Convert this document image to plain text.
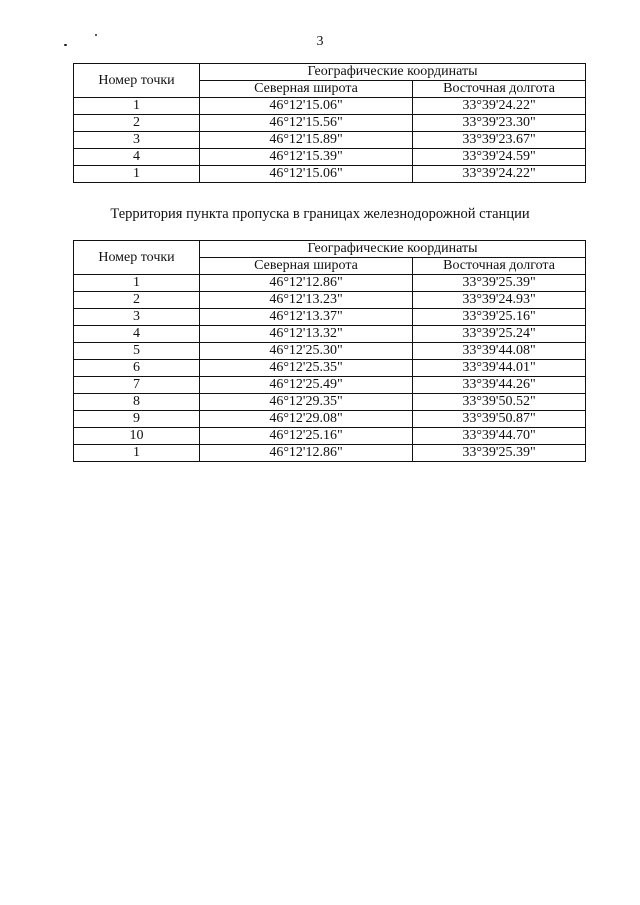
3
Номер точки	Географические координаты	
	Северная широта	Восточная долгота
1	46°12'15.06"	33°39'24.22"
2	46°12'15.56"	33°39'23.30"
3	46°12'15.89"	33°39'23.67"
4	46°12'15.39"	33°39'24.59"
1	46°12'15.06"	33°39'24.22"
Территория пункта пропуска в границах железнодорожной станции
Номер точки	Географические координаты	
	Северная широта	Восточная долгота
1	46°12'12.86"	33°39'25.39"
2	46°12'13.23"	33°39'24.93"
3	46°12'13.37"	33°39'25.16"
4	46°12'13.32"	33°39'25.24"
5	46°12'25.30"	33°39'44.08"
6	46°12'25.35"	33°39'44.01"
7	46°12'25.49"	33°39'44.26"
8	46°12'29.35"	33°39'50.52"
9	46°12'29.08"	33°39'50.87"
10	46°12'25.16"	33°39'44.70"
1	46°12'12.86"	33°39'25.39"
